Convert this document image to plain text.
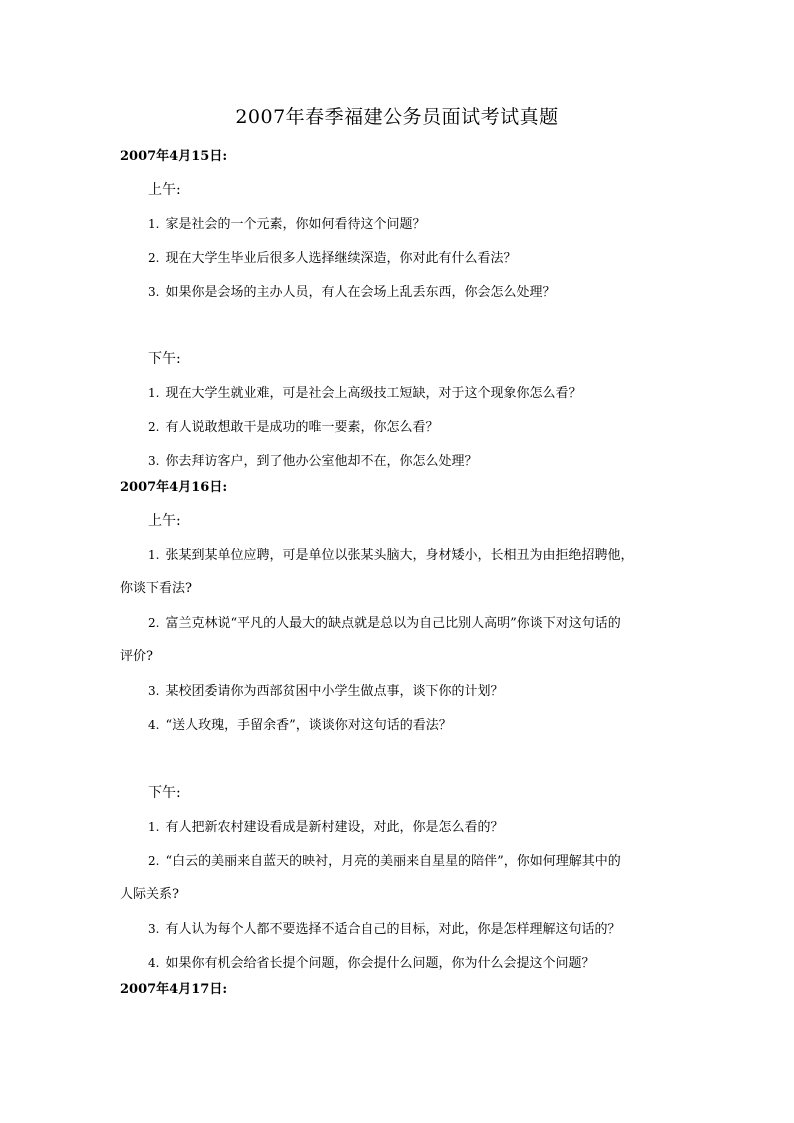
2007年春季福建公务员面试考试真题
2007年4月15日:
上午:
1. 家是社会的一个元素，你如何看待这个问题？
2. 现在大学生毕业后很多人选择继续深造，你对此有什么看法？
3. 如果你是会场的主办人员，有人在会场上乱丢东西，你会怎么处理？
下午:
1. 现在大学生就业难，可是社会上高级技工短缺，对于这个现象你怎么看？
2. 有人说敢想敢干是成功的唯一要素，你怎么看？
3. 你去拜访客户，到了他办公室他却不在，你怎么处理？
2007年4月16日:
上午:
1. 张某到某单位应聘，可是单位以张某头脑大，身材矮小，长相丑为由拒绝招聘他，
你谈下看法?
2. 富兰克林说“平凡的人最大的缺点就是总以为自己比别人高明”你谈下对这句话的
评价?
3. 某校团委请你为西部贫困中小学生做点事，谈下你的计划？
4. “送人玫瑰，手留余香”，谈谈你对这句话的看法？
下午:
1. 有人把新农村建设看成是新村建设，对此，你是怎么看的？
2. “白云的美丽来自蓝天的映衬，月亮的美丽来自星星的陪伴”，你如何理解其中的
人际关系?
3. 有人认为每个人都不要选择不适合自己的目标，对此，你是怎样理解这句话的？
4. 如果你有机会给省长提个问题，你会提什么问题，你为什么会提这个问题？
2007年4月17日:
